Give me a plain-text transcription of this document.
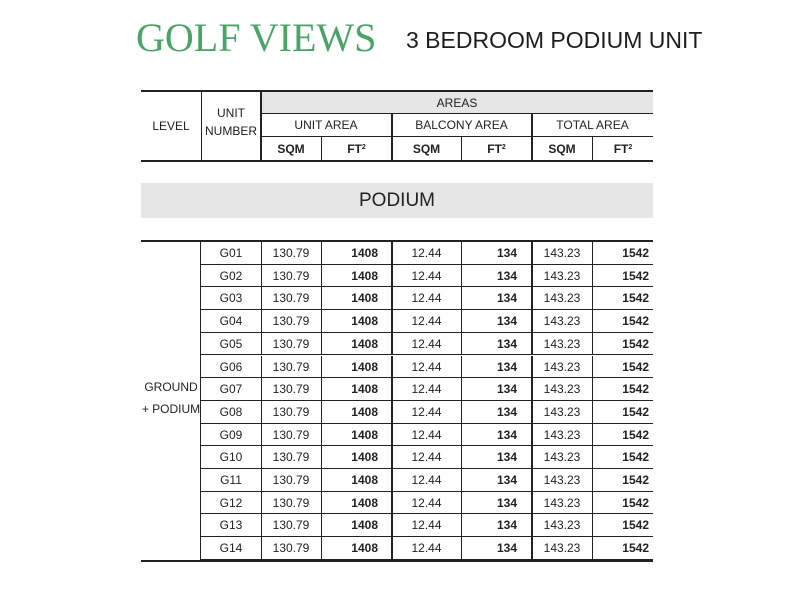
GOLF VIEWS 3 BEDROOM PODIUM UNIT
LEVEL
UNIT
NUMBER
AREAS
UNIT AREA	BALCONY AREA	TOTAL AREA
SQM	$FT^2$	SQM	$FT^2$	SQM	$FT^2$
PODIUM
GROUND
+ PODIUM
G01	130.79	1408	12.44	134	143.23	1542
G02	130.79	1408	12.44	134	143.23	1542
G03	130.79	1408	12.44	134	143.23	1542
G04	130.79	1408	12.44	134	143.23	1542
G05	130.79	1408	12.44	134	143.23	1542
G06	130.79	1408	12.44	134	143.23	1542
G07	130.79	1408	12.44	134	143.23	1542
G08	130.79	1408	12.44	134	143.23	1542
G09	130.79	1408	12.44	134	143.23	1542
G10	130.79	1408	12.44	134	143.23	1542
G11	130.79	1408	12.44	134	143.23	1542
G12	130.79	1408	12.44	134	143.23	1542
G13	130.79	1408	12.44	134	143.23	1542
G14	130.79	1408	12.44	134	143.23	1542
